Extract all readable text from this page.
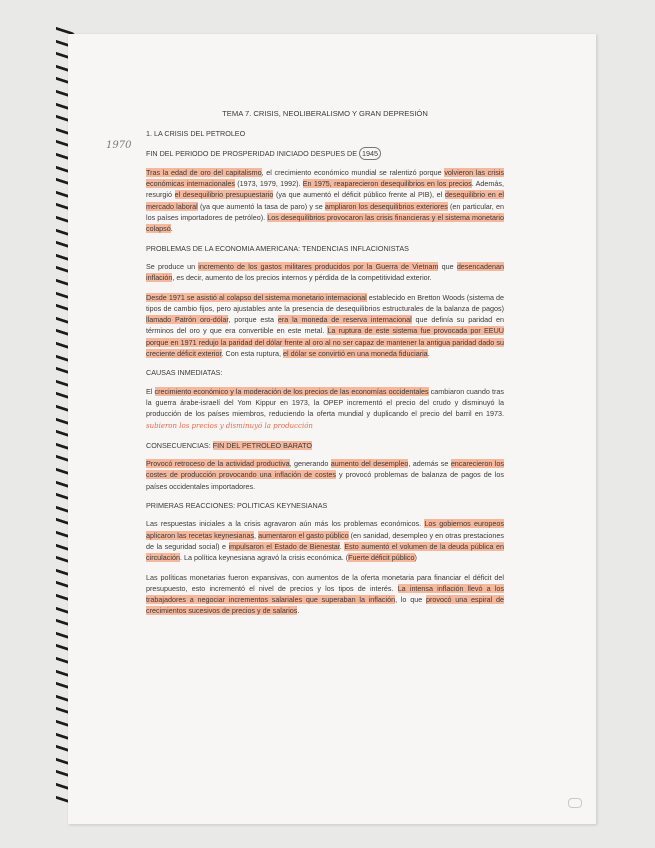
1970
TEMA 7. CRISIS, NEOLIBERALISMO Y GRAN DEPRESIÓN
1. LA CRISIS DEL PETROLEO
FIN DEL PERIODO DE PROSPERIDAD INICIADO DESPUES DE 1945

Tras la edad de oro del capitalismo, el crecimiento económico mundial se ralentizó porque volvieron las crisis económicas internacionales (1973, 1979, 1992). En 1975, reaparecieron desequilibrios en los precios. Además, resurgió el desequilibrio presupuestario (ya que aumentó el déficit público frente al PIB), el desequilibrio en el mercado laboral (ya que aumentó la tasa de paro) y se ampliaron los desequilibrios exteriores (en particular, en los países importadores de petróleo). Los desequilibrios provocaron las crisis financieras y el sistema monetario colapsó.

PROBLEMAS DE LA ECONOMIA AMERICANA: TENDENCIAS INFLACIONISTAS

Se produce un incremento de los gastos militares producidos por la Guerra de Vietnam que desencadenan inflación, es decir, aumento de los precios internos y pérdida de la competitividad exterior.

Desde 1971 se asistió al colapso del sistema monetario internacional establecido en Bretton Woods (sistema de tipos de cambio fijos, pero ajustables ante la presencia de desequilibrios estructurales de la balanza de pagos) llamado Patrón oro-dólar, porque esta era la moneda de reserva internacional que definía su paridad en términos del oro y que era convertible en este metal. La ruptura de este sistema fue provocada por EEUU porque en 1971 redujo la paridad del dólar frente al oro al no ser capaz de mantener la antigua paridad dado su creciente déficit exterior. Con esta ruptura, el dólar se convirtió en una moneda fiduciaria.

CAUSAS INMEDIATAS:

El crecimiento económico y la moderación de los precios de las economías occidentales cambiaron cuando tras la guerra árabe-israelí del Yom Kippur en 1973, la OPEP incrementó el precio del crudo y disminuyó la producción de los países miembros, reduciendo la oferta mundial y duplicando el precio del barril en 1973. subieron los precios y disminuyó la producción

CONSECUENCIAS: FIN DEL PETROLEO BARATO

Provocó retroceso de la actividad productiva, generando aumento del desempleo, además se encarecieron los costes de producción provocando una inflación de costes y provocó problemas de balanza de pagos de los países occidentales importadores.

PRIMERAS REACCIONES: POLITICAS KEYNESIANAS

Las respuestas iniciales a la crisis agravaron aún más los problemas económicos. Los gobiernos europeos aplicaron las recetas keynesianas, aumentaron el gasto público (en sanidad, desempleo y en otras prestaciones de la seguridad social) e impulsaron el Estado de Bienestar. Esto aumentó el volumen de la deuda pública en circulación. La política keynesiana agravó la crisis económica. (Fuerte déficit público)

Las políticas monetarias fueron expansivas, con aumentos de la oferta monetaria para financiar el déficit del presupuesto, esto incrementó el nivel de precios y los tipos de interés. La intensa inflación llevó a los trabajadores a negociar incrementos salariales que superaban la inflación, lo que provocó una espiral de crecimientos sucesivos de precios y de salarios.
